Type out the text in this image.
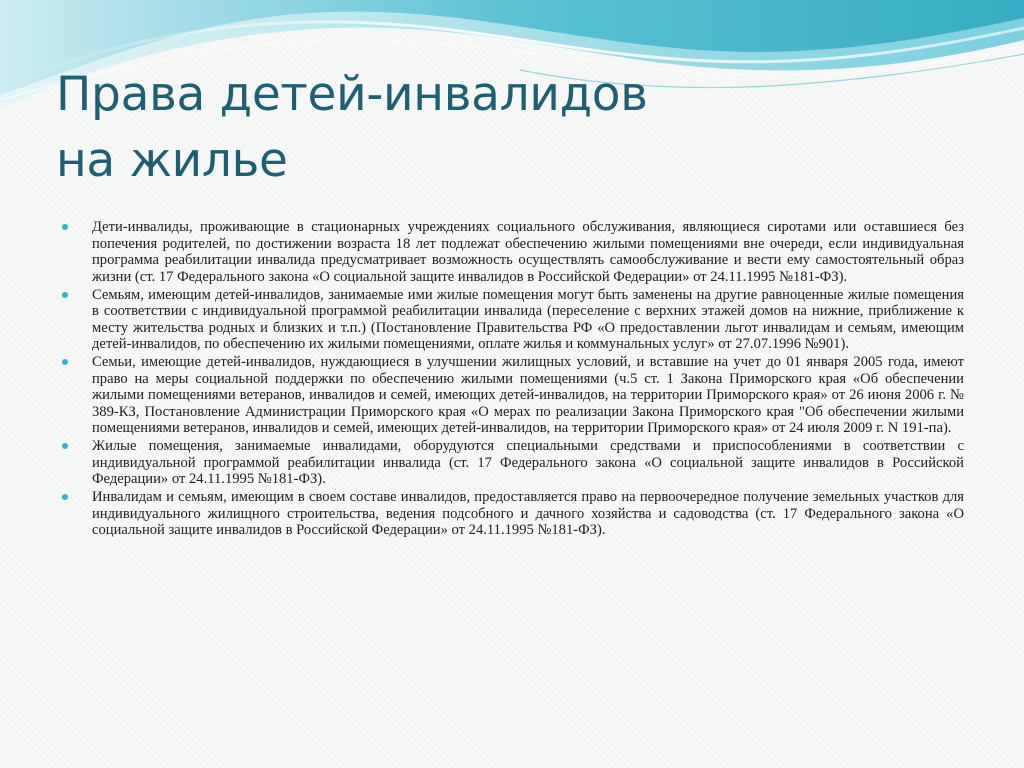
Права детей-инвалидов
на жилье
Дети-инвалиды, проживающие в стационарных учреждениях социального обслуживания, являющиеся сиротами или оставшиеся без попечения родителей, по достижении возраста 18 лет подлежат обеспечению жилыми помещениями вне очереди, если индивидуальная программа реабилитации инвалида предусматривает возможность осуществлять самообслуживание и вести ему самостоятельный образ жизни (ст. 17 Федерального закона «О социальной защите инвалидов в Российской Федерации» от 24.11.1995 №181-ФЗ).
Семьям, имеющим детей-инвалидов, занимаемые ими жилые помещения могут быть заменены на другие равноценные жилые помещения в соответствии с индивидуальной программой реабилитации инвалида (переселение с верхних этажей домов на нижние, приближение к месту жительства родных и близких и т.п.) (Постановление Правительства РФ «О предоставлении льгот инвалидам и семьям, имеющим детей-инвалидов, по обеспечению их жилыми помещениями, оплате жилья и коммунальных услуг» от 27.07.1996 №901).
Семьи, имеющие детей-инвалидов, нуждающиеся в улучшении жилищных условий, и вставшие на учет до 01 января 2005 года, имеют право на меры социальной поддержки по обеспечению жилыми помещениями (ч.5 ст. 1 Закона Приморского края «Об обеспечении жилыми помещениями ветеранов, инвалидов и семей, имеющих детей-инвалидов, на территории Приморского края» от 26 июня 2006 г. № 389-КЗ, Постановление Администрации Приморского края «О мерах по реализации Закона Приморского края "Об обеспечении жилыми помещениями ветеранов, инвалидов и семей, имеющих детей-инвалидов, на территории Приморского края» от 24 июля 2009 г. N 191-па).
Жилые помещения, занимаемые инвалидами, оборудуются специальными средствами и приспособлениями в соответствии с индивидуальной программой реабилитации инвалида (ст. 17 Федерального закона «О социальной защите инвалидов в Российской Федерации» от 24.11.1995 №181-ФЗ).
Инвалидам и семьям, имеющим в своем составе инвалидов, предоставляется право на первоочередное получение земельных участков для индивидуального жилищного строительства, ведения подсобного и дачного хозяйства и садоводства (ст. 17 Федерального закона «О социальной защите инвалидов в Российской Федерации» от 24.11.1995 №181-ФЗ).
